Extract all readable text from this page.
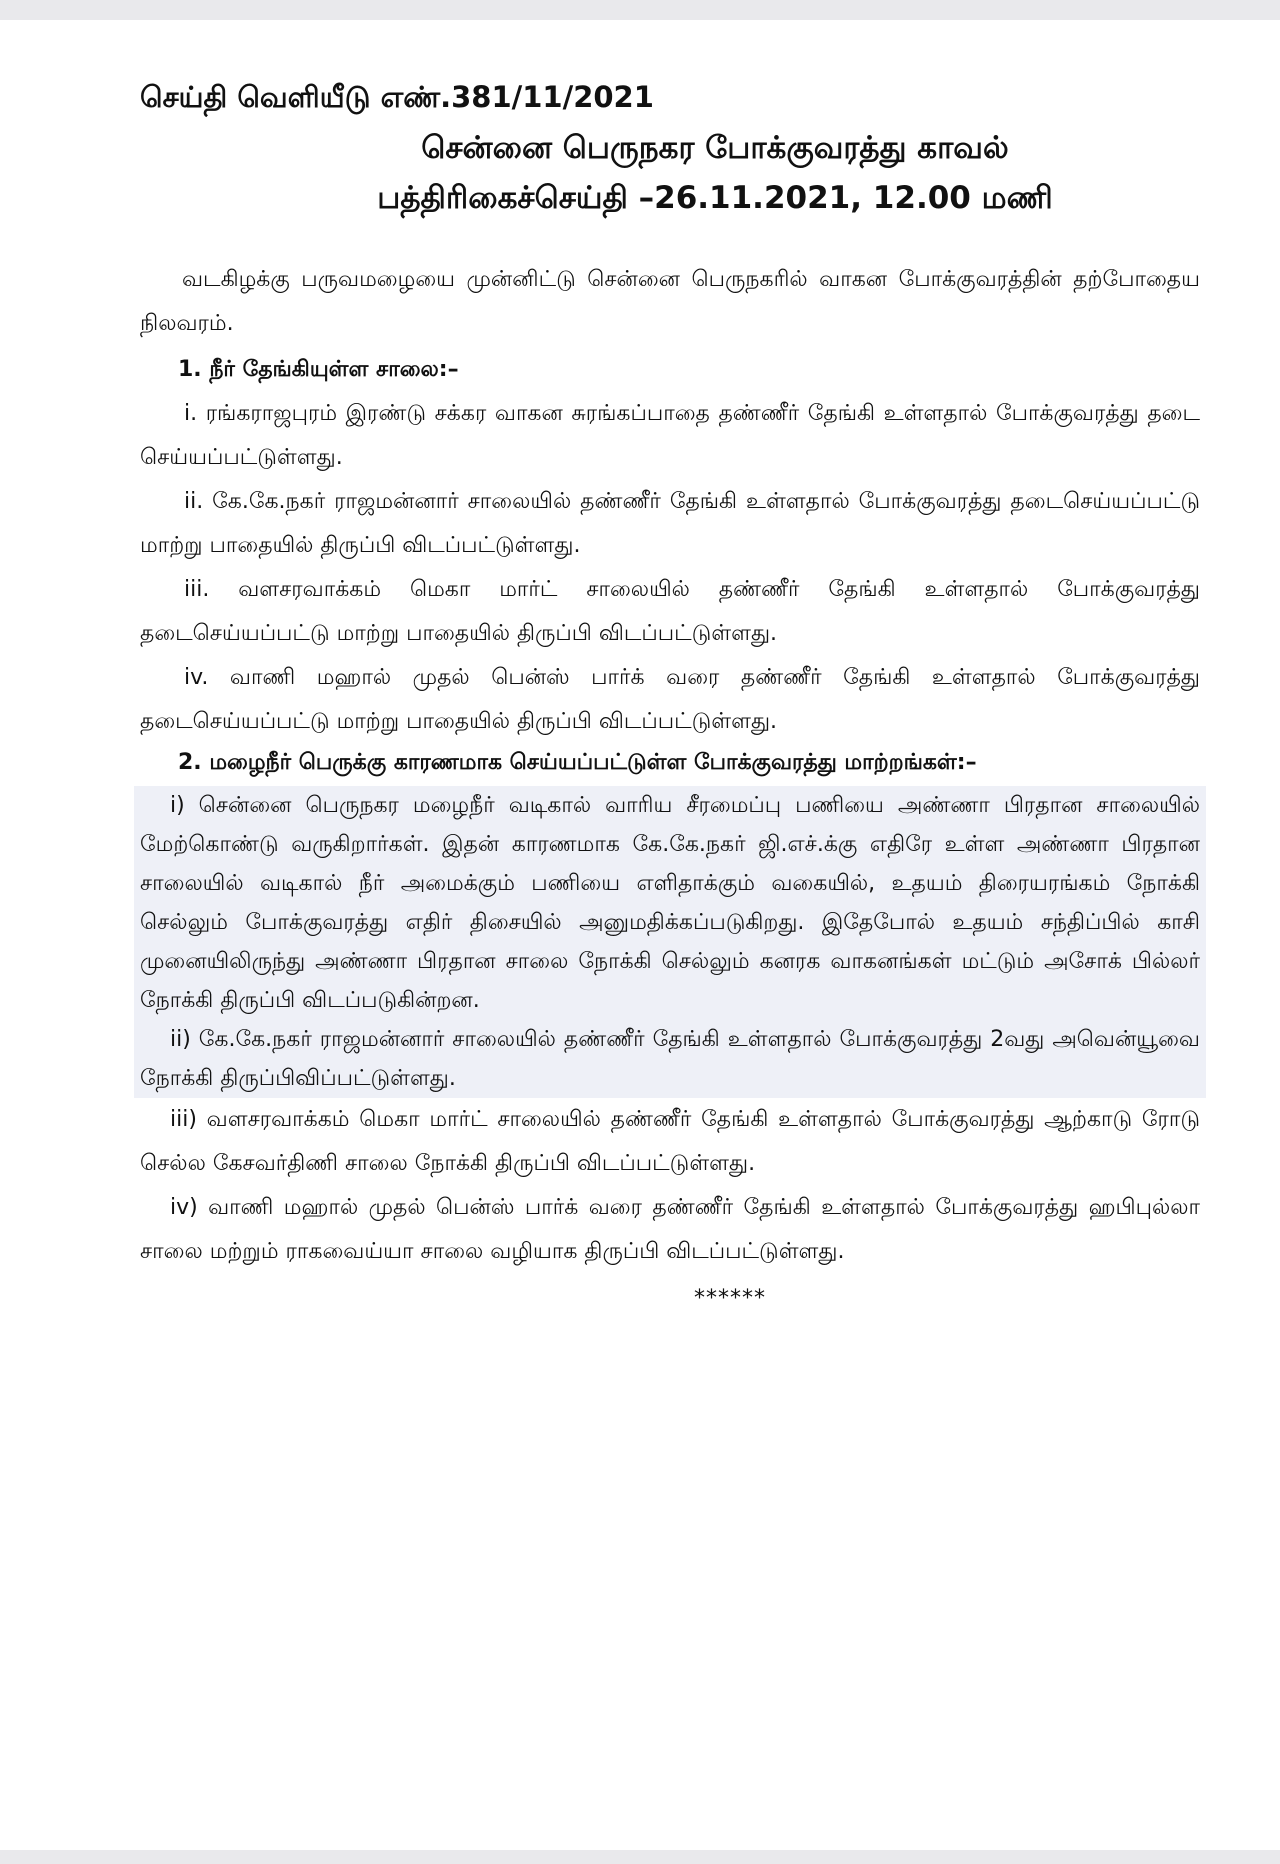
செய்தி வெளியீடு எண்.381/11/2021
சென்னை பெருநகர போக்குவரத்து காவல்
பத்திரிகைச்செய்தி –26.11.2021, 12.00 மணி

வடகிழக்கு பருவமழையை முன்னிட்டு சென்னை பெருநகரில் வாகன போக்குவரத்தின் தற்போதைய நிலவரம்.

1. நீர் தேங்கியுள்ள சாலை:–

i. ரங்கராஜபுரம் இரண்டு சக்கர வாகன சுரங்கப்பாதை தண்ணீர் தேங்கி உள்ளதால் போக்குவரத்து தடை செய்யப்பட்டுள்ளது.

ii. கே.கே.நகர் ராஜமன்னார் சாலையில் தண்ணீர் தேங்கி உள்ளதால் போக்குவரத்து தடைசெய்யப்பட்டு மாற்று பாதையில் திருப்பி விடப்பட்டுள்ளது.

iii. வளசரவாக்கம் மெகா மார்ட் சாலையில் தண்ணீர் தேங்கி உள்ளதால் போக்குவரத்து தடைசெய்யப்பட்டு மாற்று பாதையில் திருப்பி விடப்பட்டுள்ளது.

iv. வாணி மஹால் முதல் பென்ஸ் பார்க் வரை தண்ணீர் தேங்கி உள்ளதால் போக்குவரத்து தடைசெய்யப்பட்டு மாற்று பாதையில் திருப்பி விடப்பட்டுள்ளது.

2. மழைநீர் பெருக்கு காரணமாக செய்யப்பட்டுள்ள போக்குவரத்து மாற்றங்கள்:–

i) சென்னை பெருநகர மழைநீர் வடிகால் வாரிய சீரமைப்பு பணியை அண்ணா பிரதான சாலையில் மேற்கொண்டு வருகிறார்கள். இதன் காரணமாக கே.கே.நகர் ஜி.எச்.க்கு எதிரே உள்ள அண்ணா பிரதான சாலையில் வடிகால் நீர் அமைக்கும் பணியை எளிதாக்கும் வகையில், உதயம் திரையரங்கம் நோக்கி செல்லும் போக்குவரத்து எதிர் திசையில் அனுமதிக்கப்படுகிறது. இதேபோல் உதயம் சந்திப்பில் காசி முனையிலிருந்து அண்ணா பிரதான சாலை நோக்கி செல்லும் கனரக வாகனங்கள் மட்டும் அசோக் பில்லர் நோக்கி திருப்பி விடப்படுகின்றன.

ii) கே.கே.நகர் ராஜமன்னார் சாலையில் தண்ணீர் தேங்கி உள்ளதால் போக்குவரத்து 2வது அவென்யூவை நோக்கி திருப்பிவிப்பட்டுள்ளது.

iii) வளசரவாக்கம் மெகா மார்ட் சாலையில் தண்ணீர் தேங்கி உள்ளதால் போக்குவரத்து ஆற்காடு ரோடு செல்ல கேசவர்திணி சாலை நோக்கி திருப்பி விடப்பட்டுள்ளது.

iv) வாணி மஹால் முதல் பென்ஸ் பார்க் வரை தண்ணீர் தேங்கி உள்ளதால் போக்குவரத்து ஹபிபுல்லா சாலை மற்றும் ராகவைய்யா சாலை வழியாக திருப்பி விடப்பட்டுள்ளது.

******
